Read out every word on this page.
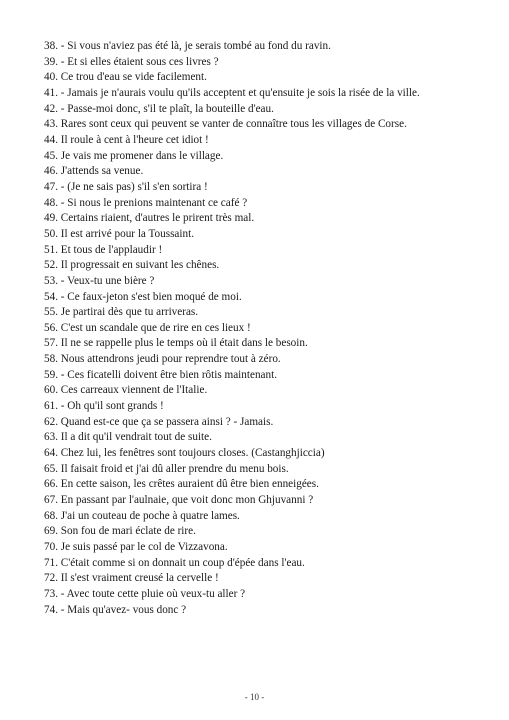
38. - Si vous n'aviez pas été là, je serais tombé au fond du ravin.

39. - Et si elles étaient sous ces livres ?

40. Ce trou d'eau se vide facilement.

41. - Jamais je n'aurais voulu qu'ils acceptent et qu'ensuite je sois la risée de la ville.

42. - Passe-moi donc, s'il te plaît, la bouteille d'eau.

43. Rares sont ceux qui peuvent se vanter de connaître tous les villages de Corse.

44. Il roule à cent à l'heure cet idiot !

45. Je vais me promener dans le village.

46. J'attends sa venue.

47. - (Je ne sais pas) s'il s'en sortira !

48. - Si nous le prenions maintenant ce café ?

49. Certains riaient, d'autres le prirent très mal.

50. Il est arrivé pour la Toussaint.

51. Et tous de l'applaudir !

52. Il progressait en suivant les chênes.

53. - Veux-tu une bière ?

54. - Ce faux-jeton s'est bien moqué de moi.

55. Je partirai dès que tu arriveras.

56. C'est un scandale que de rire en ces lieux !

57. Il ne se rappelle plus le temps où il était dans le besoin.

58. Nous attendrons jeudi pour reprendre tout à zéro.

59. - Ces ficatelli doivent être bien rôtis maintenant.

60. Ces carreaux viennent de l'Italie.

61. - Oh qu'il sont grands !

62. Quand est-ce que ça se passera ainsi ? - Jamais.

63. Il a dit qu'il vendrait tout de suite.

64. Chez lui, les fenêtres sont toujours closes. (Castanghjiccia)

65. Il faisait froid et j'ai dû aller prendre du menu bois.

66. En cette saison, les crêtes auraient dû être bien enneigées.

67. En passant par l'aulnaie, que voit donc mon Ghjuvanni ?

68. J'ai un couteau de poche à quatre lames.

69. Son fou de mari éclate de rire.

70. Je suis passé par le col de Vizzavona.

71. C'était comme si on donnait un coup d'épée dans l'eau.

72. Il s'est vraiment creusé la cervelle !

73. - Avec toute cette pluie où veux-tu aller ?

74. - Mais qu'avez- vous donc ?

- 10 -
